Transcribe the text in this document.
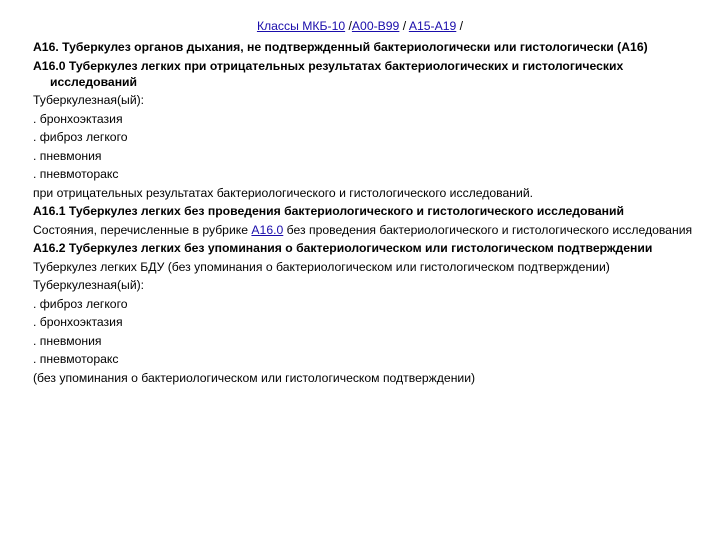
Классы МКБ-10 /A00-B99 / A15-A19 /

A16. Туберкулез органов дыхания, не подтвержденный бактериологически или гистологически (A16)

A16.0 Туберкулез легких при отрицательных результатах бактериологических и гистологических исследований

Туберкулезная(ый):

. бронхоэктазия

. фиброз легкого

. пневмония

. пневмоторакс

при отрицательных результатах бактериологического и гистологического исследований.

A16.1 Туберкулез легких без проведения бактериологического и гистологического исследований

Состояния, перечисленные в рубрике A16.0 без проведения бактериологического и гистологического исследования

A16.2 Туберкулез легких без упоминания о бактериологическом или гистологическом подтверждении

Туберкулез легких БДУ (без упоминания о бактериологическом или гистологическом подтверждении)

Туберкулезная(ый):

. фиброз легкого

. бронхоэктазия

. пневмония

. пневмоторакс

(без упоминания о бактериологическом или гистологическом подтверждении)
